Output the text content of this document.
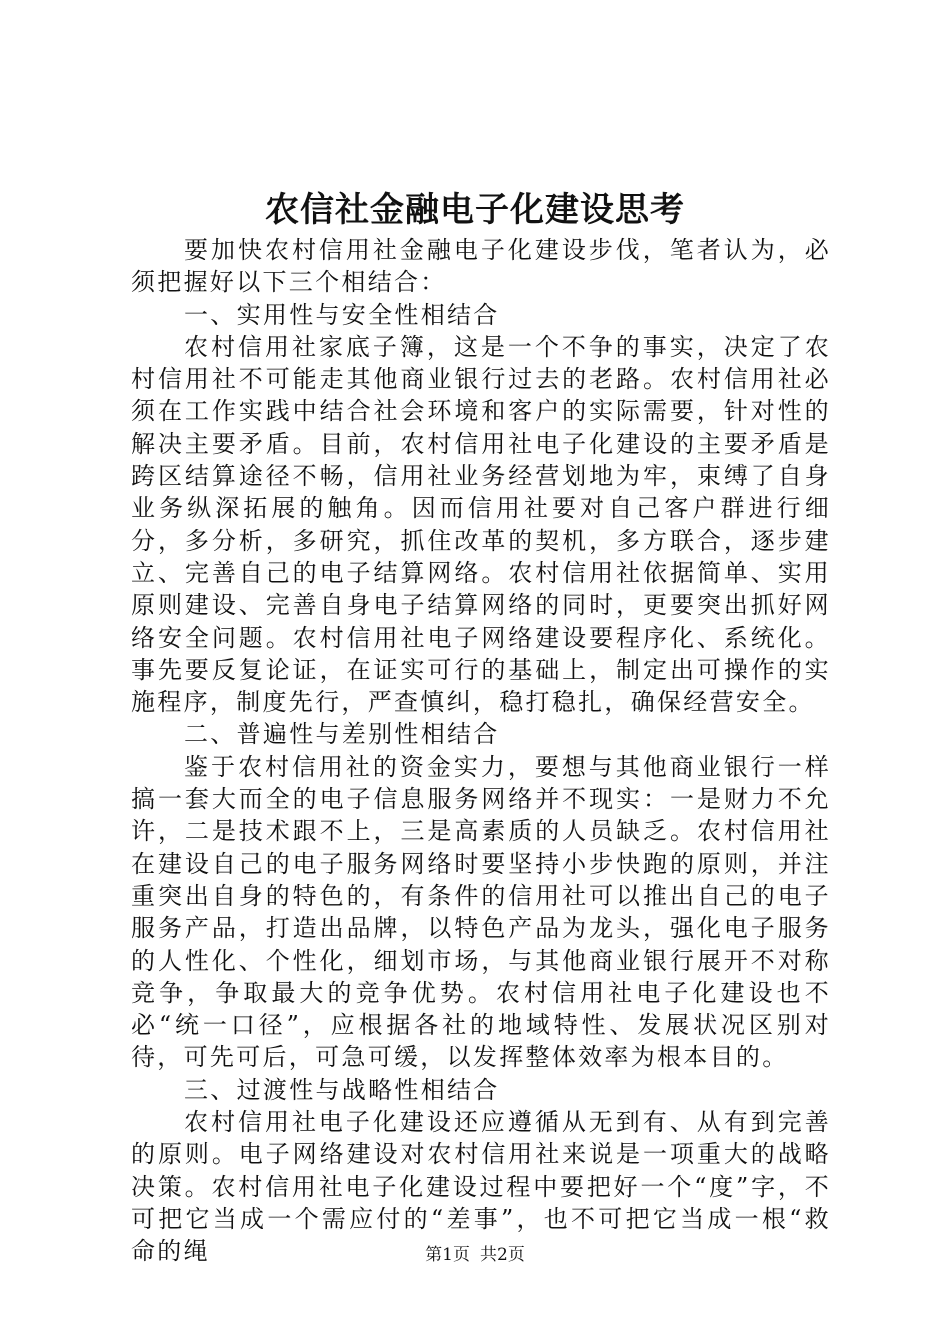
农信社金融电子化建设思考

要加快农村信用社金融电子化建设步伐，笔者认为，必须把握好以下三个相结合：

一、实用性与安全性相结合

农村信用社家底子簿，这是一个不争的事实，决定了农村信用社不可能走其他商业银行过去的老路。农村信用社必须在工作实践中结合社会环境和客户的实际需要，针对性的解决主要矛盾。目前，农村信用社电子化建设的主要矛盾是跨区结算途径不畅，信用社业务经营划地为牢，束缚了自身业务纵深拓展的触角。因而信用社要对自己客户群进行细分，多分析，多研究，抓住改革的契机，多方联合，逐步建立、完善自己的电子结算网络。农村信用社依据简单、实用原则建设、完善自身电子结算网络的同时，更要突出抓好网络安全问题。农村信用社电子网络建设要程序化、系统化。事先要反复论证，在证实可行的基础上，制定出可操作的实施程序，制度先行，严查慎纠，稳打稳扎，确保经营安全。

二、普遍性与差别性相结合

鉴于农村信用社的资金实力，要想与其他商业银行一样搞一套大而全的电子信息服务网络并不现实：一是财力不允许，二是技术跟不上，三是高素质的人员缺乏。农村信用社在建设自己的电子服务网络时要坚持小步快跑的原则，并注重突出自身的特色的，有条件的信用社可以推出自己的电子服务产品，打造出品牌，以特色产品为龙头，强化电子服务的人性化、个性化，细划市场，与其他商业银行展开不对称竞争，争取最大的竞争优势。农村信用社电子化建设也不必“统一口径”，应根据各社的地域特性、发展状况区别对待，可先可后，可急可缓，以发挥整体效率为根本目的。

三、过渡性与战略性相结合

农村信用社电子化建设还应遵循从无到有、从有到完善的原则。电子网络建设对农村信用社来说是一项重大的战略决策。农村信用社电子化建设过程中要把好一个“度”字，不可把它当成一个需应付的“差事”，也不可把它当成一根“救命的绳	第1页 共2页
